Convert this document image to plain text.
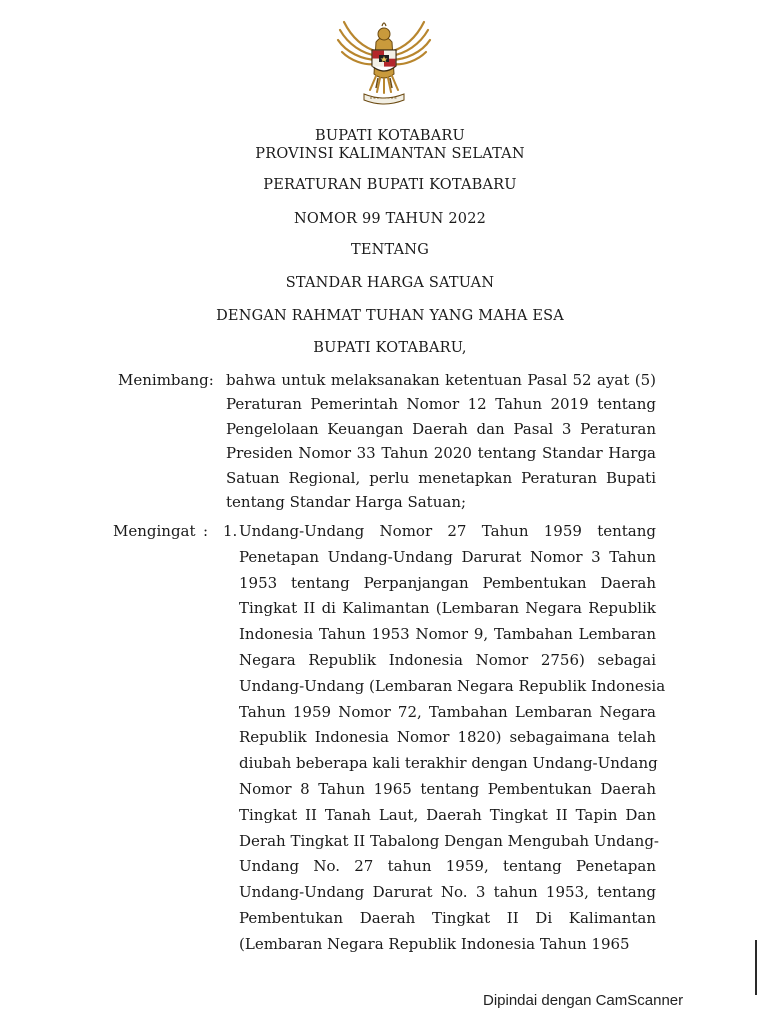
BUPATI KOTABARU
PROVINSI KALIMANTAN SELATAN
PERATURAN BUPATI KOTABARU
NOMOR 99 TAHUN 2022
TENTANG
STANDAR HARGA SATUAN
DENGAN RAHMAT TUHAN YANG MAHA ESA
BUPATI KOTABARU,
Menimbang: bahwa untuk melaksanakan ketentuan Pasal 52 ayat (5)
Peraturan Pemerintah Nomor 12 Tahun 2019 tentang
Pengelolaan Keuangan Daerah dan Pasal 3 Peraturan
Presiden Nomor 33 Tahun 2020 tentang Standar Harga
Satuan Regional, perlu menetapkan Peraturan Bupati
tentang Standar Harga Satuan;
Mengingat : 1. Undang-Undang Nomor 27 Tahun 1959 tentang
Penetapan Undang-Undang Darurat Nomor 3 Tahun
1953 tentang Perpanjangan Pembentukan Daerah
Tingkat II di Kalimantan (Lembaran Negara Republik
Indonesia Tahun 1953 Nomor 9, Tambahan Lembaran
Negara Republik Indonesia Nomor 2756) sebagai
Undang-Undang (Lembaran Negara Republik Indonesia
Tahun 1959 Nomor 72, Tambahan Lembaran Negara
Republik Indonesia Nomor 1820) sebagaimana telah
diubah beberapa kali terakhir dengan Undang-Undang
Nomor 8 Tahun 1965 tentang Pembentukan Daerah
Tingkat II Tanah Laut, Daerah Tingkat II Tapin Dan
Derah Tingkat II Tabalong Dengan Mengubah Undang-
Undang No. 27 tahun 1959, tentang Penetapan
Undang-Undang Darurat No. 3 tahun 1953, tentang
Pembentukan Daerah Tingkat II Di Kalimantan
(Lembaran Negara Republik Indonesia Tahun 1965
Dipindai dengan CamScanner
